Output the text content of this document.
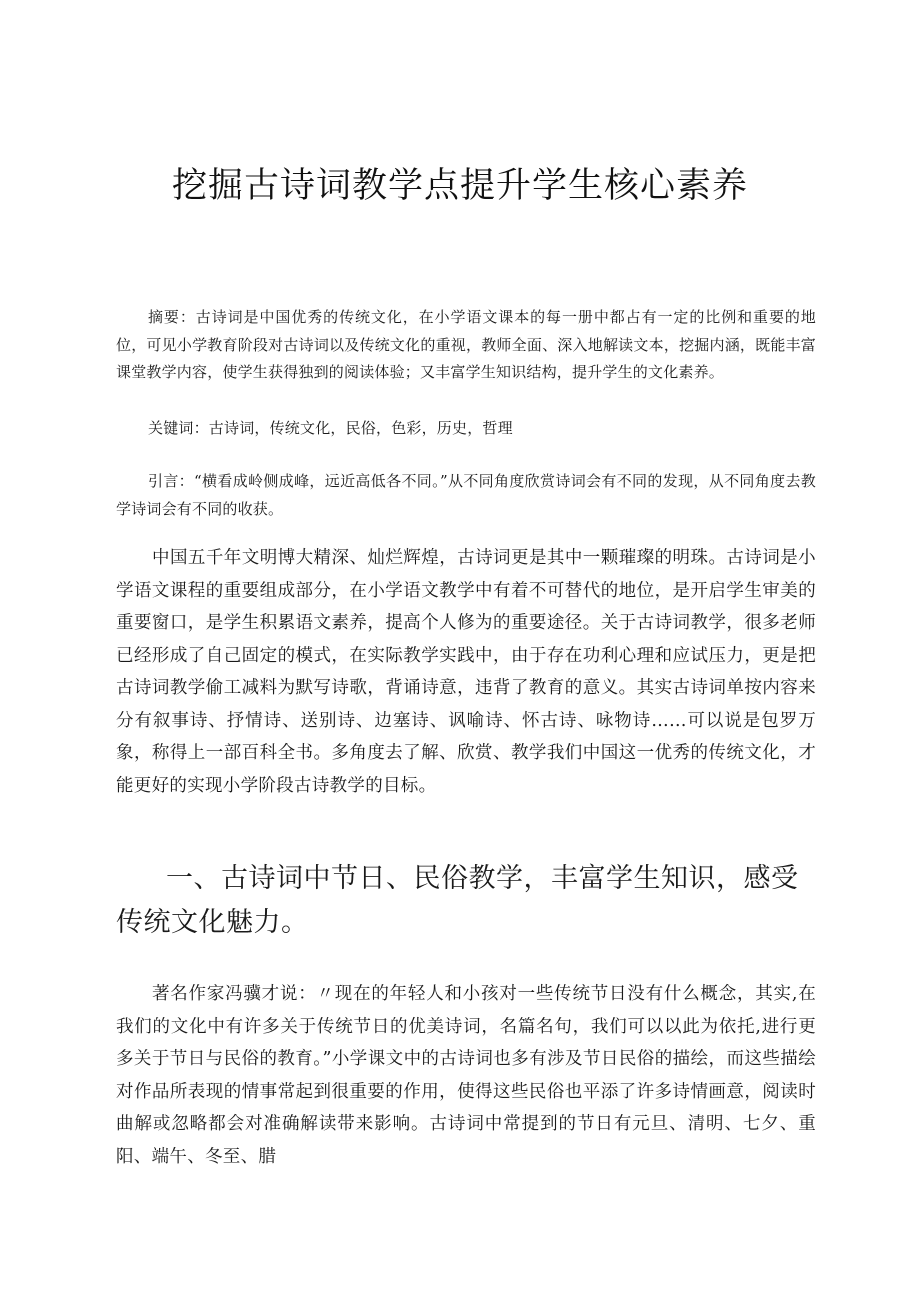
挖掘古诗词教学点提升学生核心素养

摘要：古诗词是中国优秀的传统文化，在小学语文课本的每一册中都占有一定的比例和重要的地位，可见小学教育阶段对古诗词以及传统文化的重视，教师全面、深入地解读文本，挖掘内涵，既能丰富课堂教学内容，使学生获得独到的阅读体验；又丰富学生知识结构，提升学生的文化素养。

关键词：古诗词，传统文化，民俗，色彩，历史，哲理

引言：“横看成岭侧成峰，远近高低各不同。”从不同角度欣赏诗词会有不同的发现，从不同角度去教学诗词会有不同的收获。

中国五千年文明博大精深、灿烂辉煌，古诗词更是其中一颗璀璨的明珠。古诗词是小学语文课程的重要组成部分，在小学语文教学中有着不可替代的地位，是开启学生审美的重要窗口，是学生积累语文素养，提高个人修为的重要途径。关于古诗词教学，很多老师已经形成了自己固定的模式，在实际教学实践中，由于存在功利心理和应试压力，更是把古诗词教学偷工减料为默写诗歌，背诵诗意，违背了教育的意义。其实古诗词单按内容来分有叙事诗、抒情诗、送别诗、边塞诗、讽喻诗、怀古诗、咏物诗……可以说是包罗万象，称得上一部百科全书。多角度去了解、欣赏、教学我们中国这一优秀的传统文化，才能更好的实现小学阶段古诗教学的目标。

一、古诗词中节日、民俗教学，丰富学生知识，感受传统文化魅力。

著名作家冯骥才说：〃现在的年轻人和小孩对一些传统节日没有什么概念，其实,在我们的文化中有许多关于传统节日的优美诗词，名篇名句，我们可以以此为依托,进行更多关于节日与民俗的教育。”小学课文中的古诗词也多有涉及节日民俗的描绘，而这些描绘对作品所表现的情事常起到很重要的作用，使得这些民俗也平添了许多诗情画意，阅读时曲解或忽略都会对准确解读带来影响。古诗词中常提到的节日有元旦、清明、七夕、重阳、端午、冬至、腊
